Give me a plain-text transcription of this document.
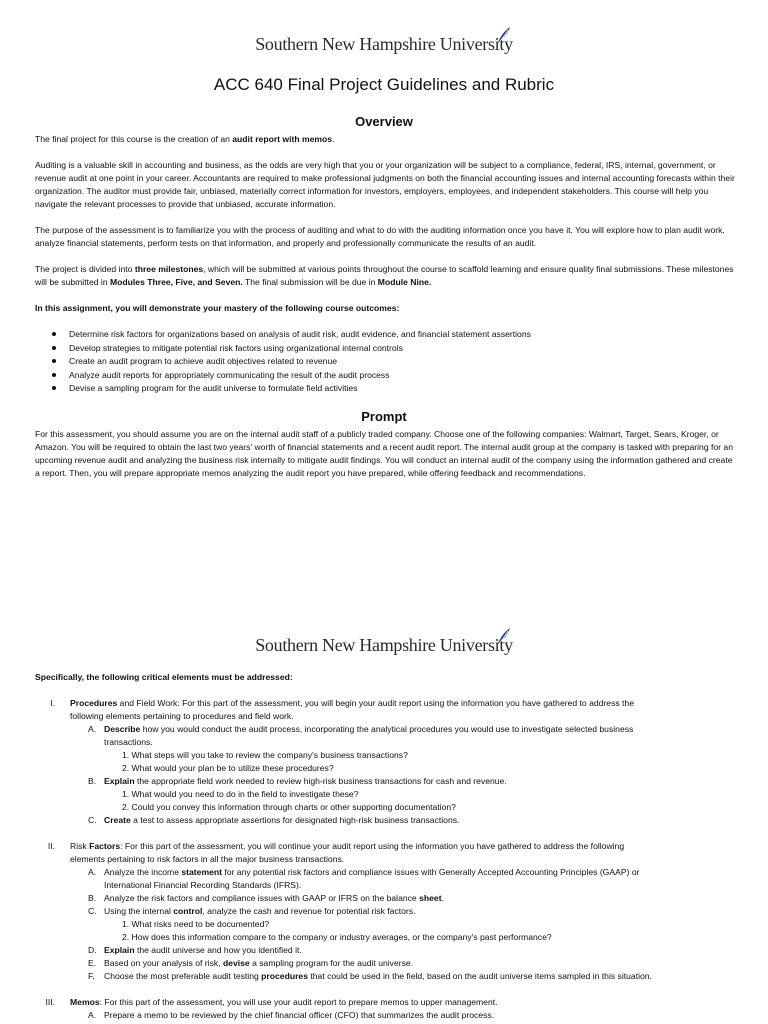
Southern New Hampshire University
ACC 640 Final Project Guidelines and Rubric
Overview

The final project for this course is the creation of an audit report with memos.

Auditing is a valuable skill in accounting and business, as the odds are very high that you or your organization will be subject to a compliance, federal, IRS, internal, government, or revenue audit at one point in your career. Accountants are required to make professional judgments on both the financial accounting issues and internal accounting forecasts within their organization. The auditor must provide fair, unbiased, materially correct information for investors, employers, employees, and independent stakeholders. This course will help you navigate the relevant processes to provide that unbiased, accurate information.

The purpose of the assessment is to familiarize you with the process of auditing and what to do with the auditing information once you have it. You will explore how to plan audit work, analyze financial statements, perform tests on that information, and properly and professionally communicate the results of an audit.

The project is divided into three milestones, which will be submitted at various points throughout the course to scaffold learning and ensure quality final submissions. These milestones will be submitted in Modules Three, Five, and Seven. The final submission will be due in Module Nine.

In this assignment, you will demonstrate your mastery of the following course outcomes:

Determine risk factors for organizations based on analysis of audit risk, audit evidence, and financial statement assertions
Develop strategies to mitigate potential risk factors using organizational internal controls
Create an audit program to achieve audit objectives related to revenue
Analyze audit reports for appropriately communicating the result of the audit process
Devise a sampling program for the audit universe to formulate field activities
Prompt

For this assessment, you should assume you are on the internal audit staff of a publicly traded company. Choose one of the following companies: Walmart, Target, Sears, Kroger, or Amazon. You will be required to obtain the last two years' worth of financial statements and a recent audit report. The internal audit group at the company is tasked with preparing for an upcoming revenue audit and analyzing the business risk internally to mitigate audit findings. You will conduct an internal audit of the company using the information gathered and create a report. Then, you will prepare appropriate memos analyzing the audit report you have prepared, while offering feedback and recommendations.

Southern New Hampshire University

Specifically, the following critical elements must be addressed:

I. Procedures and Field Work: For this part of the assessment, you will begin your audit report using the information you have gathered to address the

following elements pertaining to procedures and field work.

A. Describe how you would conduct the audit process, incorporating the analytical procedures you would use to investigate selected business

transactions.

1. What steps will you take to review the company's business transactions?

2. What would your plan be to utilize these procedures?

B. Explain the appropriate field work needed to review high-risk business transactions for cash and revenue.

1. What would you need to do in the field to investigate these?

2. Could you convey this information through charts or other supporting documentation?

C. Create a test to assess appropriate assertions for designated high-risk business transactions.

II. Risk Factors: For this part of the assessment, you will continue your audit report using the information you have gathered to address the following

elements pertaining to risk factors in all the major business transactions.

A. Analyze the income statement for any potential risk factors and compliance issues with Generally Accepted Accounting Principles (GAAP) or

International Financial Recording Standards (IFRS).

B. Analyze the risk factors and compliance issues with GAAP or IFRS on the balance sheet.

C. Using the internal control, analyze the cash and revenue for potential risk factors.

1. What risks need to be documented?

2. How does this information compare to the company or industry averages, or the company's past performance?

D. Explain the audit universe and how you identified it.

E. Based on your analysis of risk, devise a sampling program for the audit universe.

F. Choose the most preferable audit testing procedures that could be used in the field, based on the audit universe items sampled in this situation.

III. Memos: For this part of the assessment, you will use your audit report to prepare memos to upper management.

A. Prepare a memo to be reviewed by the chief financial officer (CFO) that summarizes the audit process.
